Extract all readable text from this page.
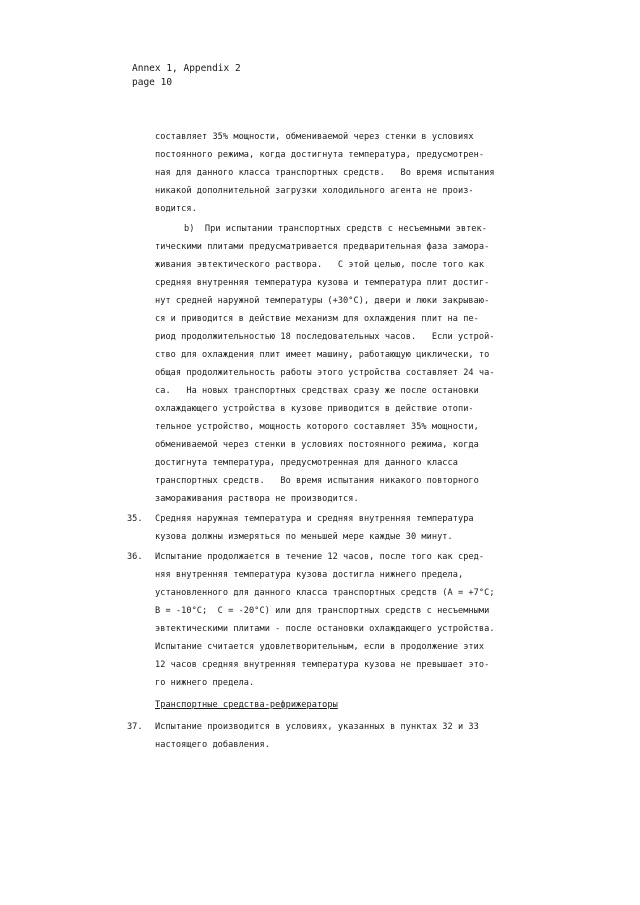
Annex 1, Appendix 2
page 10
составляет 35% мощности, обмениваемой через стенки в условиях
постоянного режима, когда достигнута температура, предусмотрен-
ная для данного класса транспортных средств.   Во время испытания
никакой дополнительной загрузки холодильного агента не произ-
водится.
b)  При испытании транспортных средств с несъемными эвтек-
тическими плитами предусматривается предварительная фаза замора-
живания эвтектического раствора.   С этой целью, после того как
средняя внутренняя температура кузова и температура плит достиг-
нут средней наружной температуры (+30°C), двери и люки закрываю-
ся и приводится в действие механизм для охлаждения плит на пе-
риод продолжительностью 18 последовательных часов.   Если устрой-
ство для охлаждения плит имеет машину, работающую циклически, то
общая продолжительность работы этого устройства составляет 24 ча-
са.   На новых транспортных средствах сразу же после остановки
охлаждающего устройства в кузове приводится в действие отопи-
тельное устройство, мощность которого составляет 35% мощности,
обмениваемой через стенки в условиях постоянного режима, когда
достигнута температура, предусмотренная для данного класса
транспортных средств.   Во время испытания никакого повторного
замораживания раствора не производится.
35. Средняя наружная температура и средняя внутренняя температура
кузова должны измеряться по меньшей мере каждые 30 минут.
36. Испытание продолжается в течение 12 часов, после того как сред-
няя внутренняя температура кузова достигла нижнего предела,
установленного для данного класса транспортных средств (A = +7°C;
B = -10°C;  C = -20°C) или для транспортных средств с несъемными
эвтектическими плитами - после остановки охлаждающего устройства.
Испытание считается удовлетворительным, если в продолжение этих
12 часов средняя внутренняя температура кузова не превышает это-
го нижнего предела.
Транспортные средства-рефрижераторы
37. Испытание производится в условиях, указанных в пунктах 32 и 33
настоящего добавления.
